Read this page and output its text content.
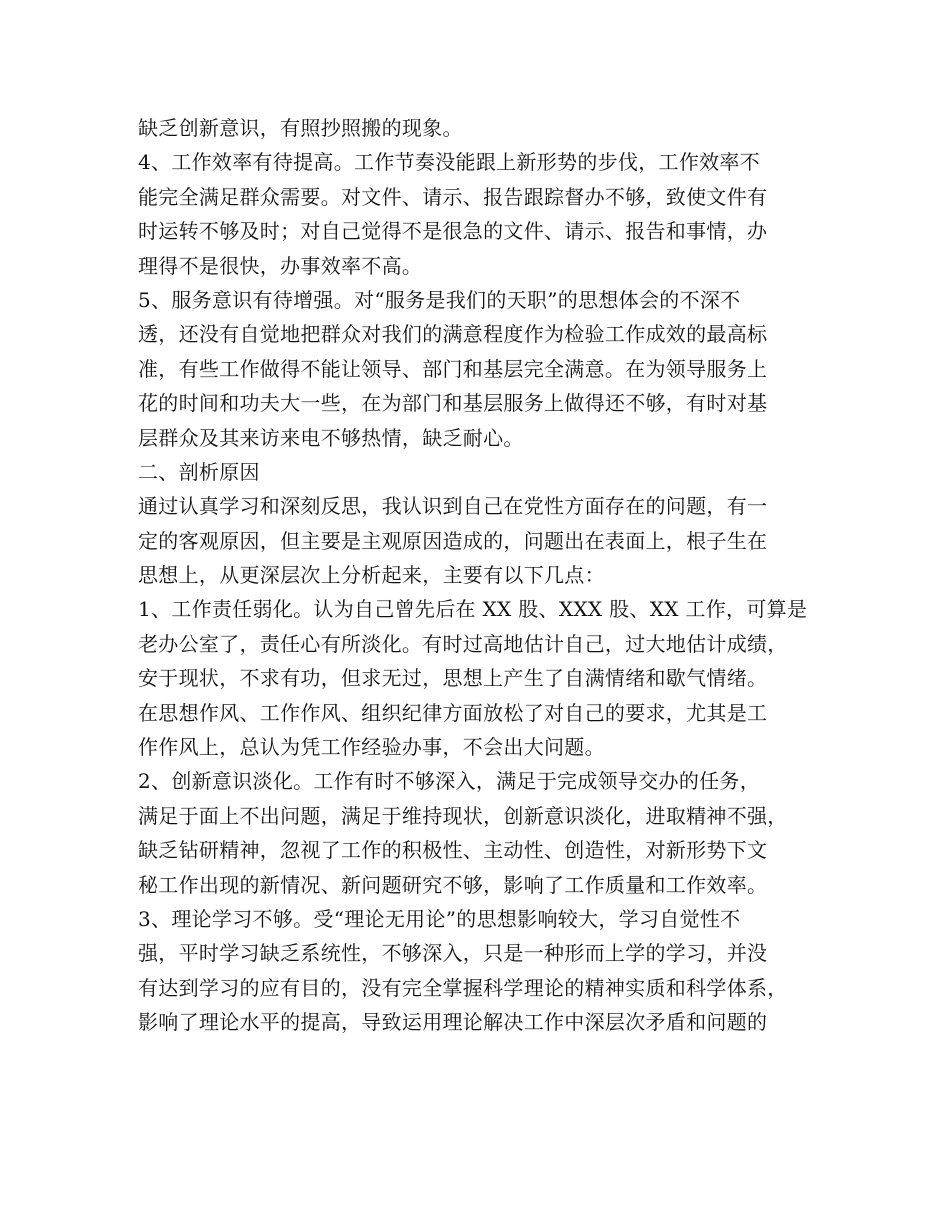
缺乏创新意识，有照抄照搬的现象。
4、工作效率有待提高。工作节奏没能跟上新形势的步伐，工作效率不
能完全满足群众需要。对文件、请示、报告跟踪督办不够，致使文件有
时运转不够及时；对自己觉得不是很急的文件、请示、报告和事情，办
理得不是很快，办事效率不高。
5、服务意识有待增强。对“服务是我们的天职”的思想体会的不深不
透，还没有自觉地把群众对我们的满意程度作为检验工作成效的最高标
准，有些工作做得不能让领导、部门和基层完全满意。在为领导服务上
花的时间和功夫大一些，在为部门和基层服务上做得还不够，有时对基
层群众及其来访来电不够热情，缺乏耐心。
二、剖析原因
通过认真学习和深刻反思，我认识到自己在党性方面存在的问题，有一
定的客观原因，但主要是主观原因造成的，问题出在表面上，根子生在
思想上，从更深层次上分析起来，主要有以下几点：
1、工作责任弱化。认为自己曾先后在 XX 股、XXX 股、XX 工作，可算是
老办公室了，责任心有所淡化。有时过高地估计自己，过大地估计成绩，
安于现状，不求有功，但求无过，思想上产生了自满情绪和歇气情绪。
在思想作风、工作作风、组织纪律方面放松了对自己的要求，尤其是工
作作风上，总认为凭工作经验办事，不会出大问题。
2、创新意识淡化。工作有时不够深入，满足于完成领导交办的任务，
满足于面上不出问题，满足于维持现状，创新意识淡化，进取精神不强，
缺乏钻研精神，忽视了工作的积极性、主动性、创造性，对新形势下文
秘工作出现的新情况、新问题研究不够，影响了工作质量和工作效率。
3、理论学习不够。受“理论无用论”的思想影响较大，学习自觉性不
强，平时学习缺乏系统性，不够深入，只是一种形而上学的学习，并没
有达到学习的应有目的，没有完全掌握科学理论的精神实质和科学体系，
影响了理论水平的提高，导致运用理论解决工作中深层次矛盾和问题的
